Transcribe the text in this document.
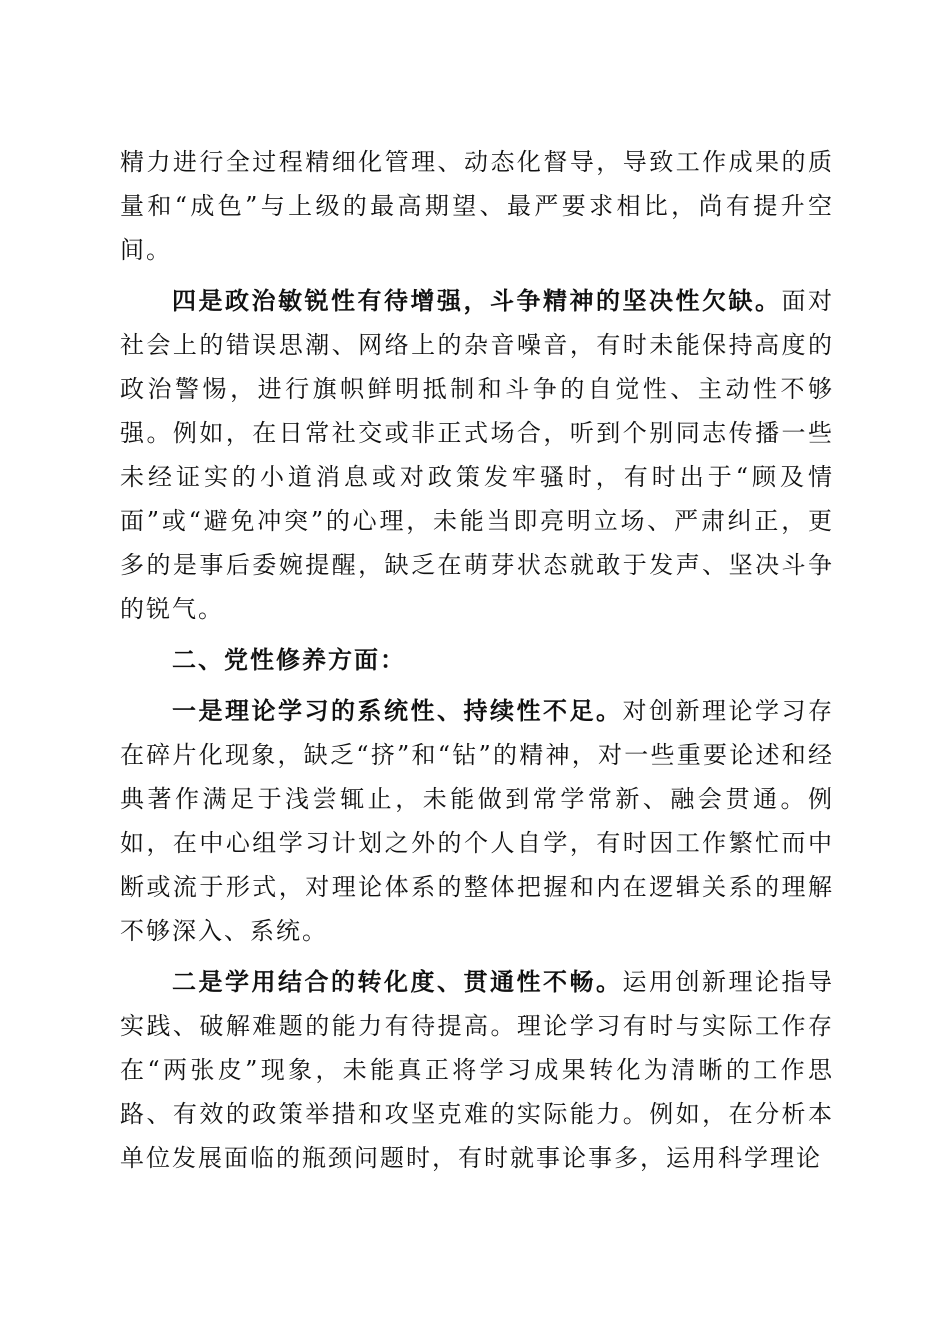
精力进行全过程精细化管理、动态化督导，导致工作成果的质量和“成色”与上级的最高期望、最严要求相比，尚有提升空间。

四是政治敏锐性有待增强，斗争精神的坚决性欠缺。面对社会上的错误思潮、网络上的杂音噪音，有时未能保持高度的政治警惕，进行旗帜鲜明抵制和斗争的自觉性、主动性不够强。例如，在日常社交或非正式场合，听到个别同志传播一些未经证实的小道消息或对政策发牢骚时，有时出于“顾及情面”或“避免冲突”的心理，未能当即亮明立场、严肃纠正，更多的是事后委婉提醒，缺乏在萌芽状态就敢于发声、坚决斗争的锐气。

二、党性修养方面：

一是理论学习的系统性、持续性不足。对创新理论学习存在碎片化现象，缺乏“挤”和“钻”的精神，对一些重要论述和经典著作满足于浅尝辄止，未能做到常学常新、融会贯通。例如，在中心组学习计划之外的个人自学，有时因工作繁忙而中断或流于形式，对理论体系的整体把握和内在逻辑关系的理解不够深入、系统。

二是学用结合的转化度、贯通性不畅。运用创新理论指导实践、破解难题的能力有待提高。理论学习有时与实际工作存在“两张皮”现象，未能真正将学习成果转化为清晰的工作思路、有效的政策举措和攻坚克难的实际能力。例如，在分析本单位发展面临的瓶颈问题时，有时就事论事多，运用科学理论
